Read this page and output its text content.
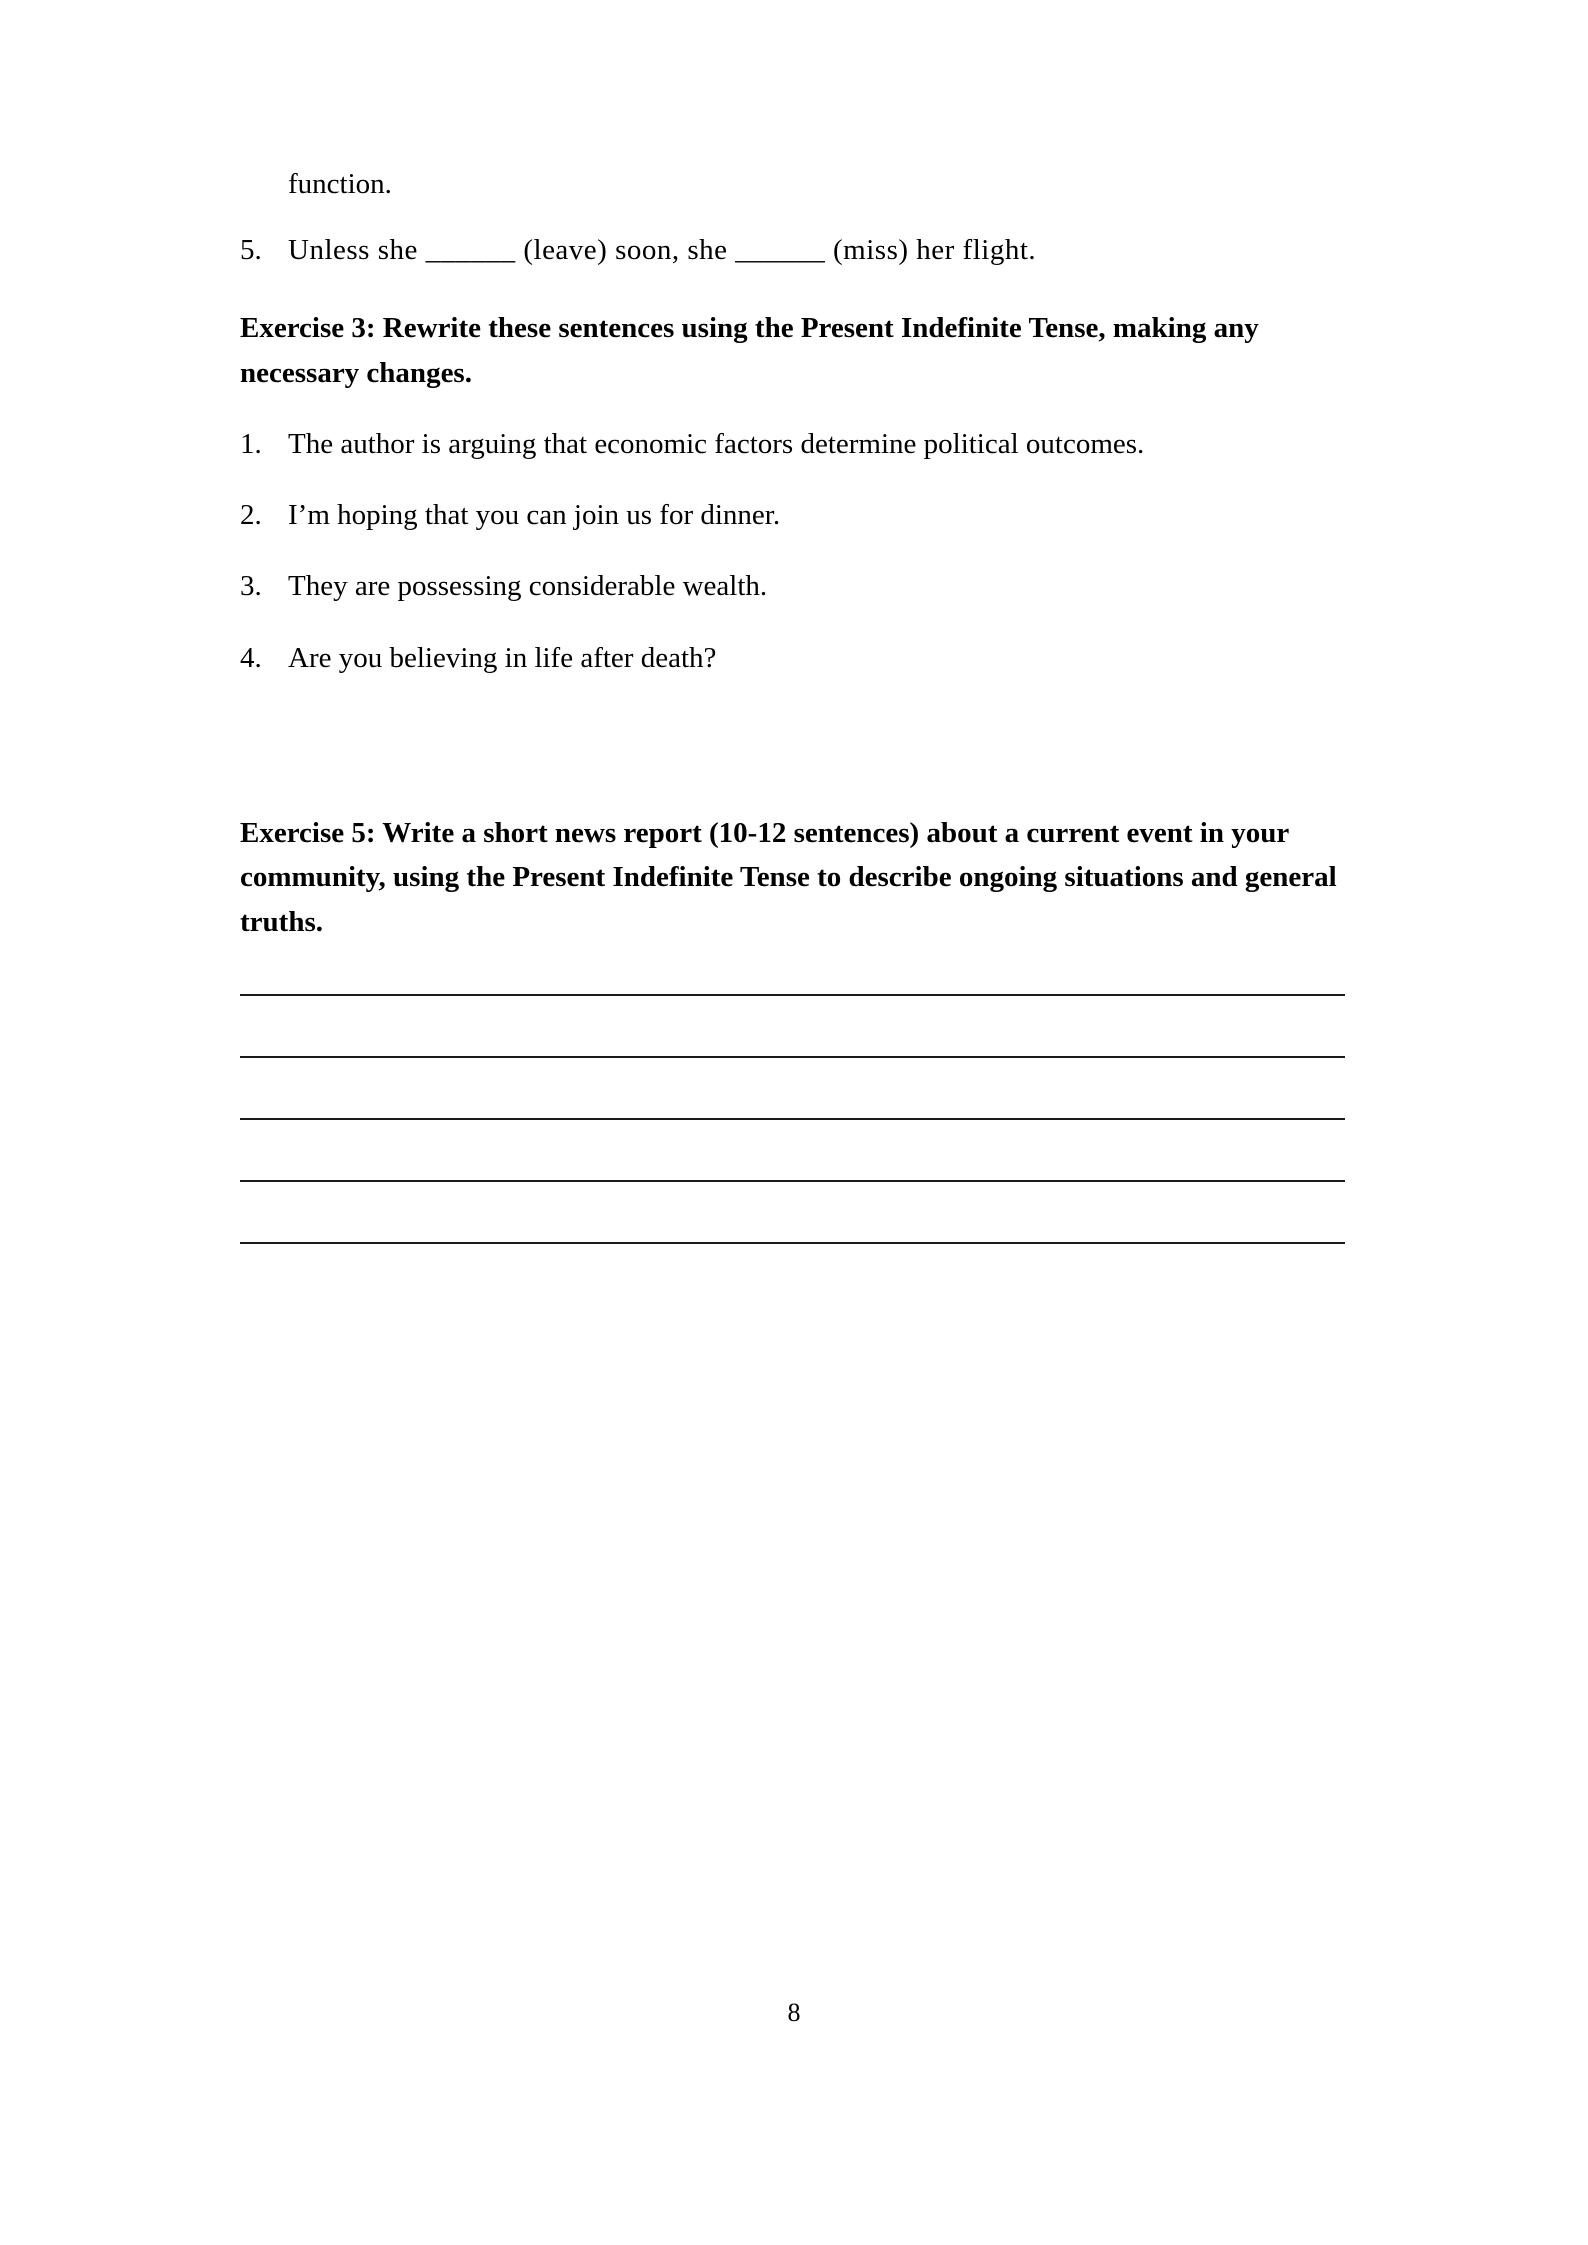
function.

5. Unless she ______ (leave) soon, she ______ (miss) her flight.

Exercise 3: Rewrite these sentences using the Present Indefinite Tense, making any necessary changes.

1. The author is arguing that economic factors determine political outcomes.
2. I’m hoping that you can join us for dinner.
3. They are possessing considerable wealth.
4. Are you believing in life after death?

Exercise 5: Write a short news report (10-12 sentences) about a current event in your community, using the Present Indefinite Tense to describe ongoing situations and general truths.

8
